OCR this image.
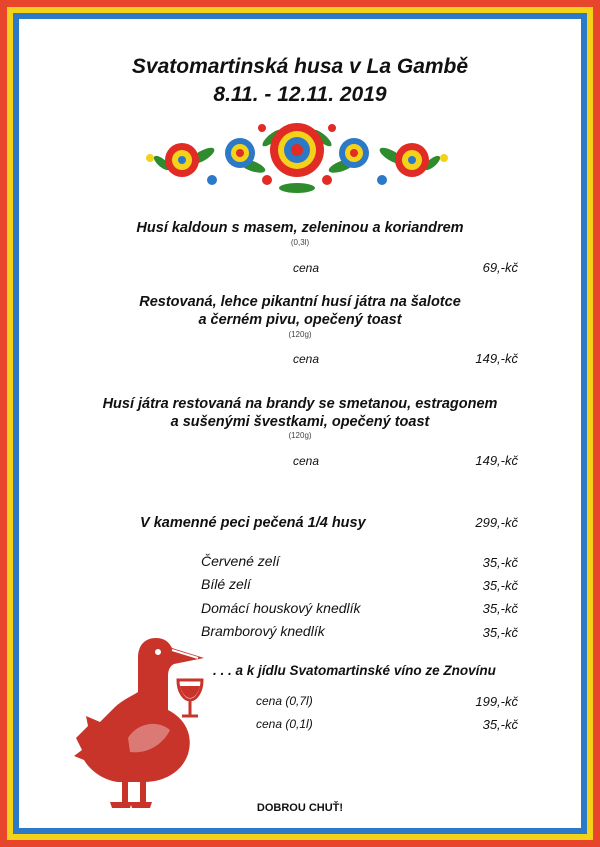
Svatomartinská husa v La Gambě
8.11. - 12.11. 2019
Husí kaldoun s masem, zeleninou a koriandrem
(0,3l)
cena	69,-kč
Restovaná, lehce pikantní husí játra na šalotce
a černém pivu, opečený toast
(120g)
cena	149,-kč
Husí játra restovaná na brandy se smetanou, estragonem
a sušenými švestkami, opečený toast
(120g)
cena	149,-kč
V kamenné peci pečená 1/4 husy	299,-kč
Červené zelí	35,-kč
Bílé zelí	35,-kč
Domácí houskový knedlík	35,-kč
Bramborový knedlík	35,-kč
. . . a k jídlu Svatomartinské víno ze Znovínu
cena (0,7l)	199,-kč
cena (0,1l)	35,-kč
DOBROU CHUŤ!
